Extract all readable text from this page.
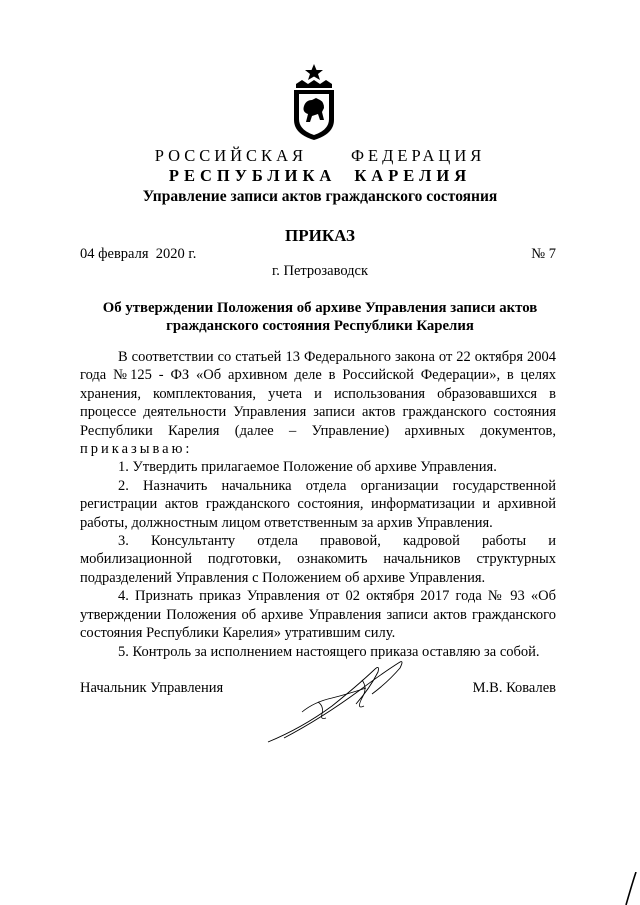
РОССИЙСКАЯ	ФЕДЕРАЦИЯ
РЕСПУБЛИКА КАРЕЛИЯ
Управление записи актов гражданского состояния
ПРИКАЗ
04 февраля  2020 г.	№ 7
г. Петрозаводск
Об утверждении Положения об архиве Управления записи актов гражданского состояния Республики Карелия

В соответствии со статьей 13 Федерального закона от 22 октября 2004 года №125 - ФЗ «Об архивном деле в Российской Федерации», в целях хранения, комплектования, учета и использования образовавшихся в процессе деятельности Управления записи актов гражданского состояния Республики Карелия (далее – Управление) архивных документов, приказываю:

1. Утвердить прилагаемое Положение об архиве Управления.

2. Назначить начальника отдела организации государственной регистрации актов гражданского состояния, информатизации и архивной работы, должностным лицом ответственным за архив Управления.

3. Консультанту отдела правовой, кадровой работы и мобилизационной подготовки, ознакомить начальников структурных подразделений Управления с Положением об архиве Управления.

4. Признать приказ Управления от 02 октября 2017 года № 93 «Об утверждении Положения об архиве Управления записи актов гражданского состояния Республики Карелия» утратившим силу.

5. Контроль за исполнением настоящего приказа оставляю за собой.

Начальник Управления	М.В. Ковалев
